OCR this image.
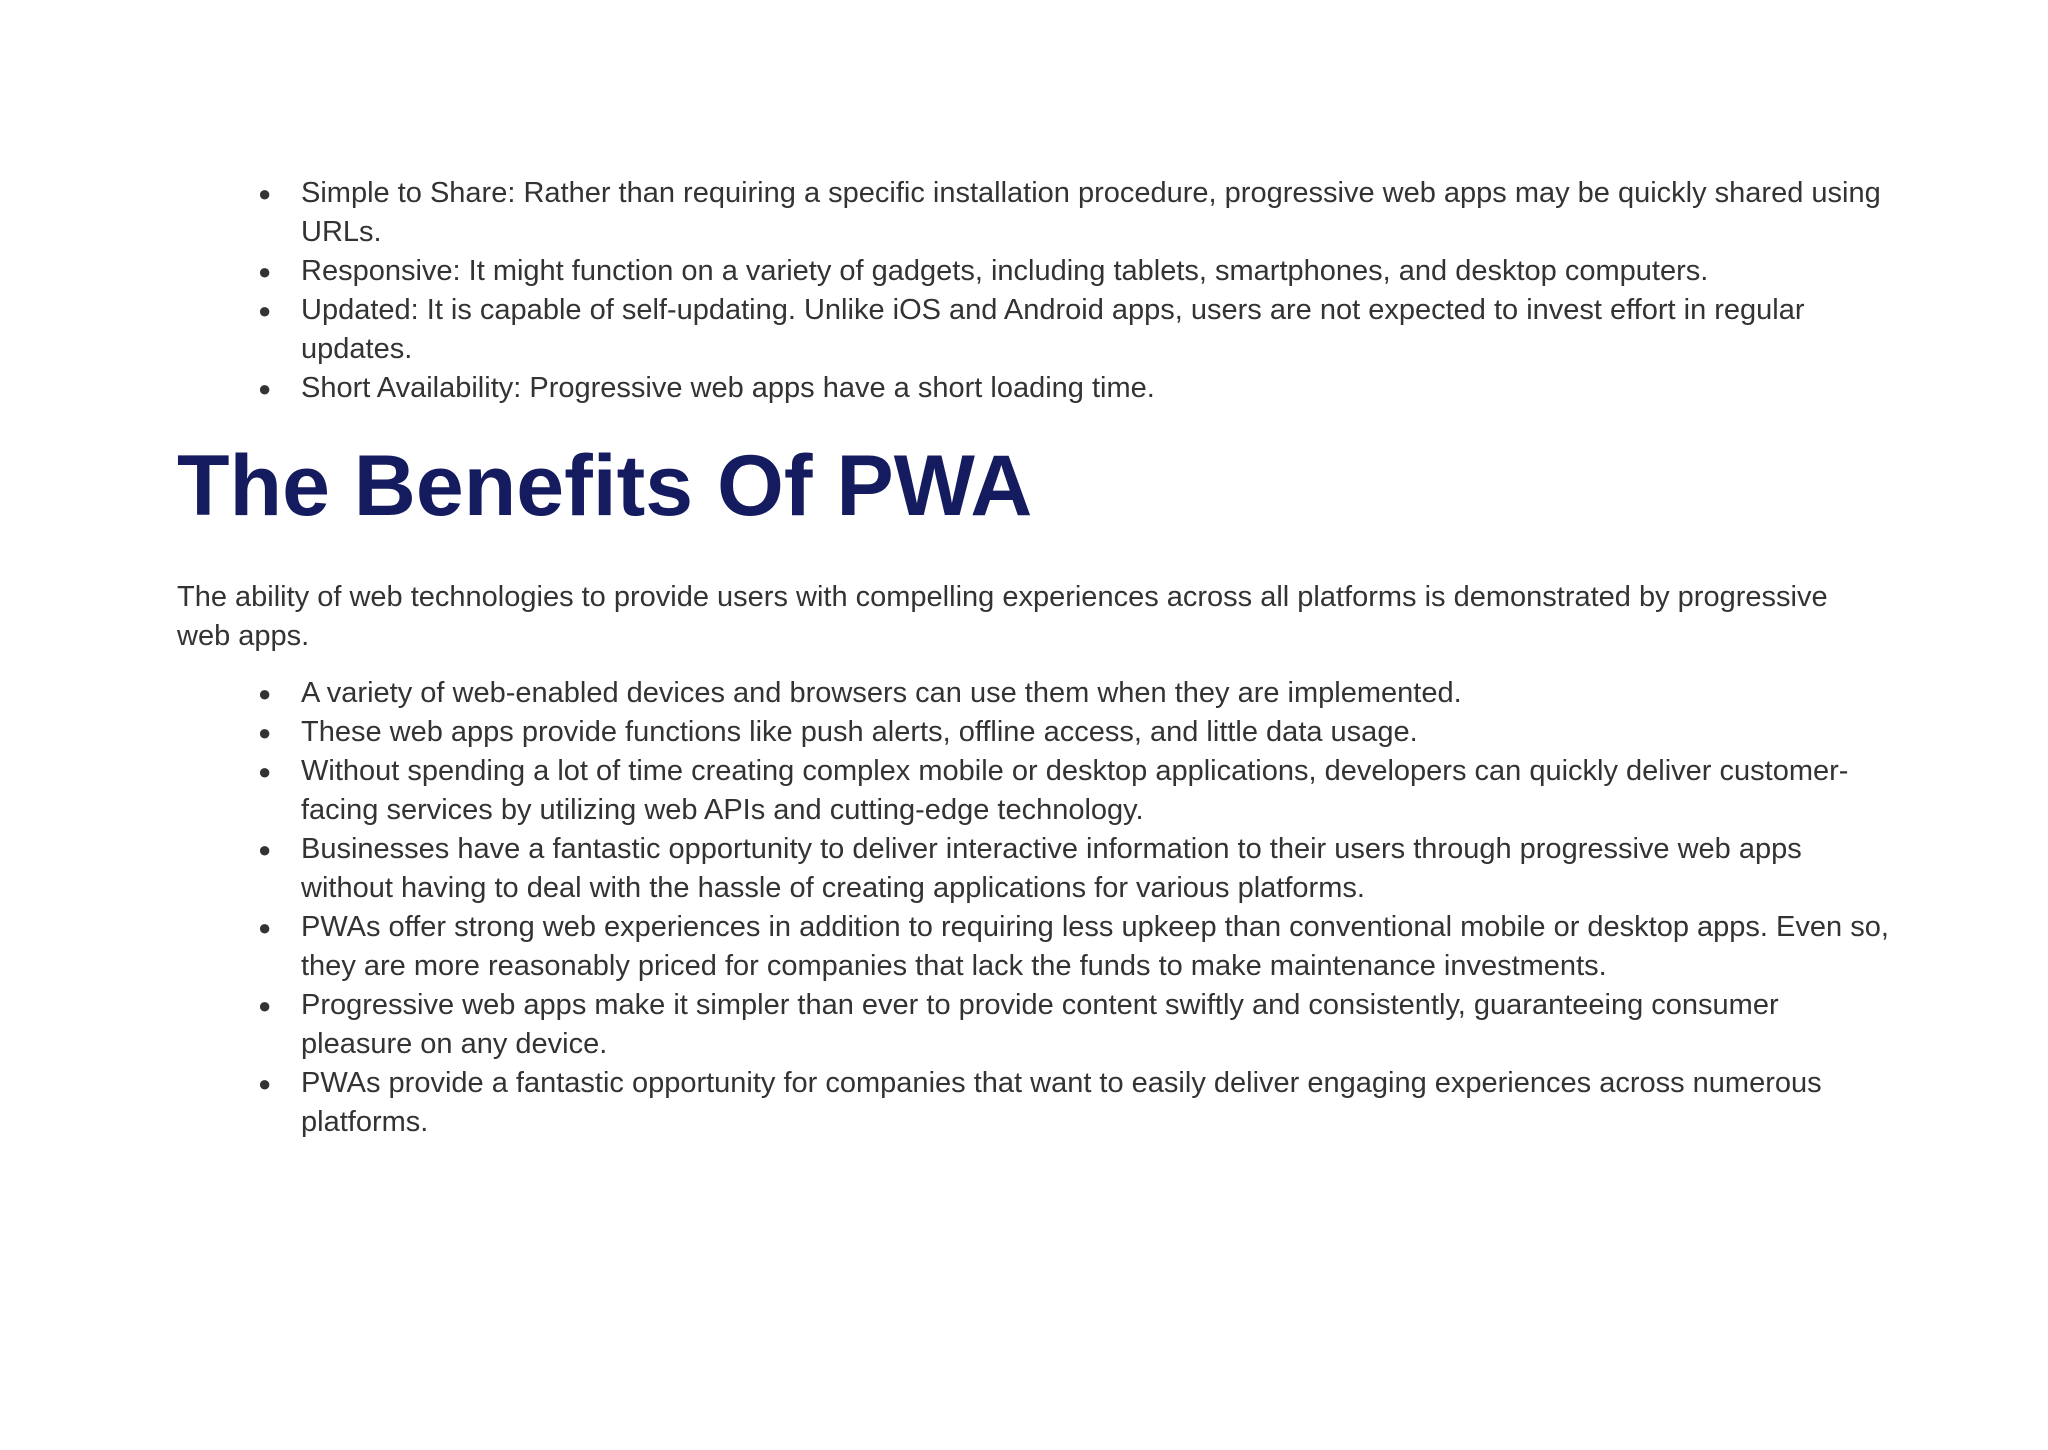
● Simple to Share: Rather than requiring a specific installation procedure, progressive web apps may be quickly shared using URLs.
● Responsive: It might function on a variety of gadgets, including tablets, smartphones, and desktop computers.
● Updated: It is capable of self-updating. Unlike iOS and Android apps, users are not expected to invest effort in regular updates.
● Short Availability: Progressive web apps have a short loading time.
The Benefits Of PWA

The ability of web technologies to provide users with compelling experiences across all platforms is demonstrated by progressive web apps.

● A variety of web-enabled devices and browsers can use them when they are implemented.
● These web apps provide functions like push alerts, offline access, and little data usage.
● Without spending a lot of time creating complex mobile or desktop applications, developers can quickly deliver customer-facing services by utilizing web APIs and cutting-edge technology.
● Businesses have a fantastic opportunity to deliver interactive information to their users through progressive web apps without having to deal with the hassle of creating applications for various platforms.
● PWAs offer strong web experiences in addition to requiring less upkeep than conventional mobile or desktop apps. Even so, they are more reasonably priced for companies that lack the funds to make maintenance investments.
● Progressive web apps make it simpler than ever to provide content swiftly and consistently, guaranteeing consumer pleasure on any device.
● PWAs provide a fantastic opportunity for companies that want to easily deliver engaging experiences across numerous platforms.
